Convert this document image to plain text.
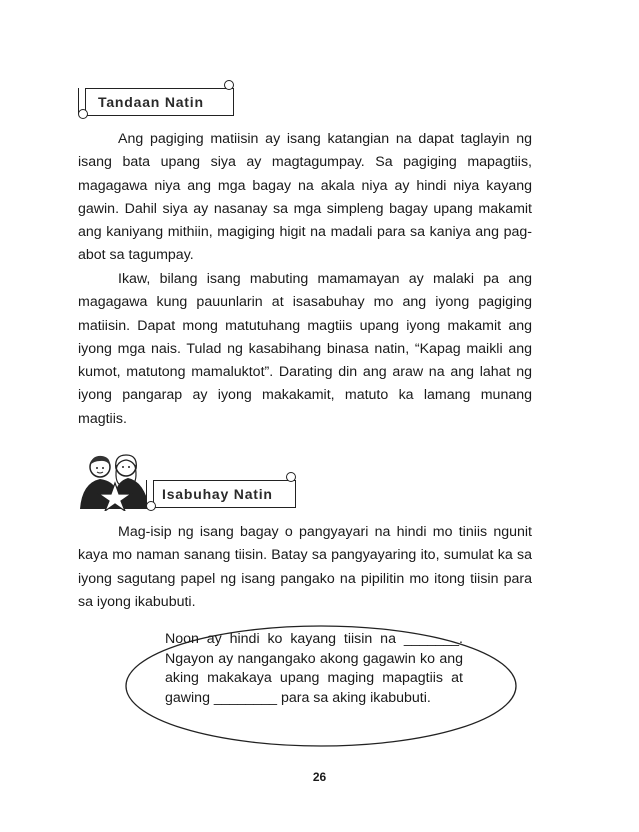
Tandaan Natin

Ang pagiging matiisin ay isang katangian na dapat taglayin ng isang bata upang siya ay magtagumpay. Sa pagiging mapagtiis, magagawa niya ang mga bagay na akala niya ay hindi niya kayang gawin. Dahil siya ay nasanay sa mga simpleng bagay upang makamit ang kaniyang mithiin, magiging higit na madali para sa kaniya ang pag-abot sa tagumpay.

Ikaw, bilang isang mabuting mamamayan ay malaki pa ang magagawa kung pauunlarin at isasabuhay mo ang iyong pagiging matiisin. Dapat mong matutuhang magtiis upang iyong makamit ang iyong mga nais. Tulad ng kasabihang binasa natin, “Kapag maikli ang kumot, matutong mamaluktot”. Darating din ang araw na ang lahat ng iyong pangarap ay iyong makakamit, matuto ka lamang munang magtiis.

Isabuhay Natin

Mag-isip ng isang bagay o pangyayari na hindi mo tiniis ngunit kaya mo naman sanang tiisin. Batay sa pangyayaring ito, sumulat ka sa iyong sagutang papel ng isang pangako na pipilitin mo itong tiisin para sa iyong ikabubuti.

Noon ay hindi ko kayang tiisin na _______. Ngayon ay nangangako akong gagawin ko ang aking makakaya upang maging mapagtiis at gawing ________ para sa aking ikabubuti.

26
